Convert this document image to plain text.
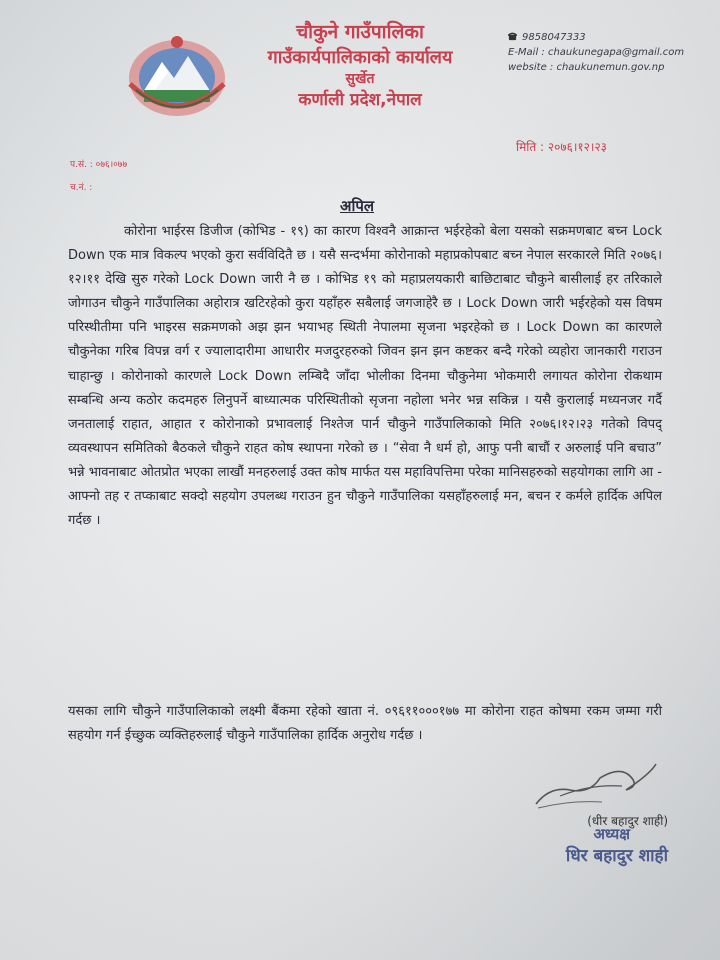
चौकुने गाउँपालिका
गाउँकार्यपालिकाको कार्यालय
सुर्खेत
कर्णाली प्रदेश,नेपाल
9858047333
E-Mail : chaukunegapa@gmail.com
website : chaukunemun.gov.np
मिति : २०७६।१२।२३
प.सं. : ०७६।०७७
च.नं. :
अपिल
कोरोना भाईरस डिजीज (कोभिड - १९) का कारण विश्वनै आक्रान्त भईरहेको बेला यसको सक्रमणबाट बच्न Lock Down एक मात्र विकल्प भएको कुरा सर्वविदितै छ । यसै सन्दर्भमा कोरोनाको महाप्रकोपबाट बच्न नेपाल सरकारले मिति २०७६।१२।११ देखि सुरु गरेको Lock Down जारी नै छ । कोभिड १९ को महाप्रलयकारी बाछिटाबाट चौकुने बासीलाई हर तरिकाले जोगाउन चौकुने गाउँपालिका अहोरात्र खटिरहेको कुरा यहाँहरु सबैलाई जगजाहेरै छ । Lock Down जारी भईरहेको यस विषम परिस्थीतीमा पनि भाइरस सक्रमणको अझ झन भयाभह स्थिती नेपालमा सृजना भइरहेको छ । Lock Down का कारणले चौकुनेका गरिब विपन्न वर्ग र ज्यालादारीमा आधारीर मजदुरहरुको जिवन झन झन कष्टकर बन्दै गरेको व्यहोरा जानकारी गराउन चाहान्छु । कोरोनाको कारणले Lock Down लम्बिदै जाँदा भोलीका दिनमा चौकुनेमा भोकमारी लगायत कोरोना रोकथाम सम्बन्धि अन्य कठोर कदमहरु लिनुपर्ने बाध्यात्मक परिस्थितीको सृजना नहोला भनेर भन्न सकिन्न । यसै कुरालाई मध्यनजर गर्दै जनतालाई राहात, आहात र कोरोनाको प्रभावलाई निश्तेज पार्न चौकुने गाउँपालिकाको मिति २०७६।१२।२३ गतेको विपद् व्यवस्थापन समितिको बैठकले चौकुने राहत कोष स्थापना गरेको छ । “सेवा नै धर्म हो, आफु पनी बाचौं र अरुलाई पनि बचाउ” भन्ने भावनाबाट ओतप्रोत भएका लाखौं मनहरुलाई उक्त कोष मार्फत यस महाविपत्तिमा परेका मानिसहरुको सहयोगका लागि आ - आफ्नो तह र तप्काबाट सक्दो सहयोग उपलब्ध गराउन हुन चौकुने गाउँपालिका यसहाँहरुलाई मन, बचन र कर्मले हार्दिक अपिल गर्दछ ।
यसका लागि चौकुने गाउँपालिकाको लक्ष्मी बैंकमा रहेको खाता नं. ०९६११०००१७७ मा कोरोना राहत कोषमा रकम जम्मा गरी सहयोग गर्न ईच्छुक व्यक्तिहरुलाई चौकुने गाउँपालिका हार्दिक अनुरोध गर्दछ ।
(धीर बहादुर शाही)
अध्यक्ष
धिर बहादुर शाही
